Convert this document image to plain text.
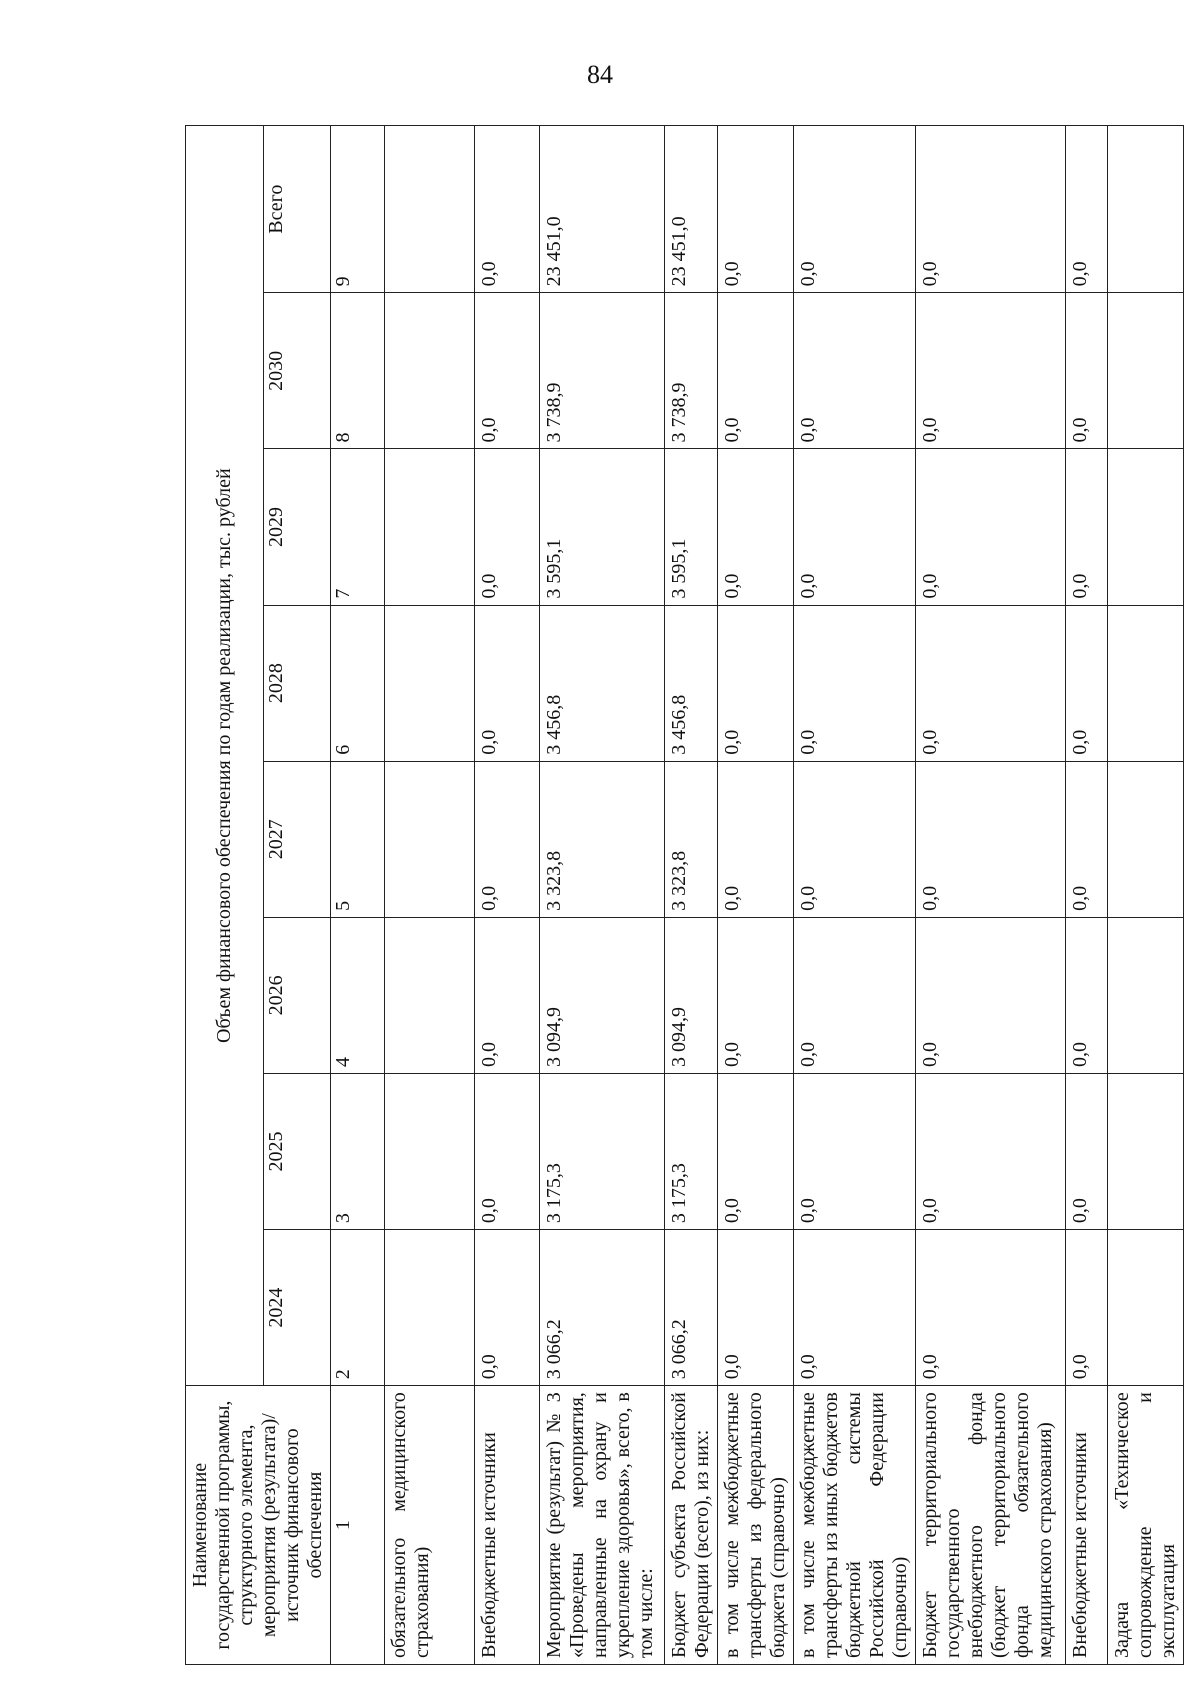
84
Наименование государственной программы, структурного элемента, мероприятия (результата)/источник финансового обеспечения	Объем финансового обеспечения по годам реализации, тыс. рублей							
	2024	2025	2026	2027	2028	2029	2030	Всего
1	2	3	4	5	6	7	8	9
обязательного медицинского страхования)								
Внебюджетные источники	0,0	0,0	0,0	0,0	0,0	0,0	0,0	0,0
Мероприятие (результат) № 3 «Проведены мероприятия, направленные на охрану и укрепление здоровья», всего, в том числе:	3 066,2	3 175,3	3 094,9	3 323,8	3 456,8	3 595,1	3 738,9	23 451,0
Бюджет субъекта Российской Федерации (всего), из них:	3 066,2	3 175,3	3 094,9	3 323,8	3 456,8	3 595,1	3 738,9	23 451,0
в том числе межбюджетные трансферты из федерального бюджета (справочно)	0,0	0,0	0,0	0,0	0,0	0,0	0,0	0,0
в том числе межбюджетные трансферты из иных бюджетов бюджетной системы Российской Федерации (справочно)	0,0	0,0	0,0	0,0	0,0	0,0	0,0	0,0
Бюджет территориального государственного внебюджетного фонда (бюджет территориального фонда обязательного медицинского страхования)	0,0	0,0	0,0	0,0	0,0	0,0	0,0	0,0
Внебюджетные источники	0,0	0,0	0,0	0,0	0,0	0,0	0,0	0,0
Задача «Техническое сопровождение и эксплуатация								
